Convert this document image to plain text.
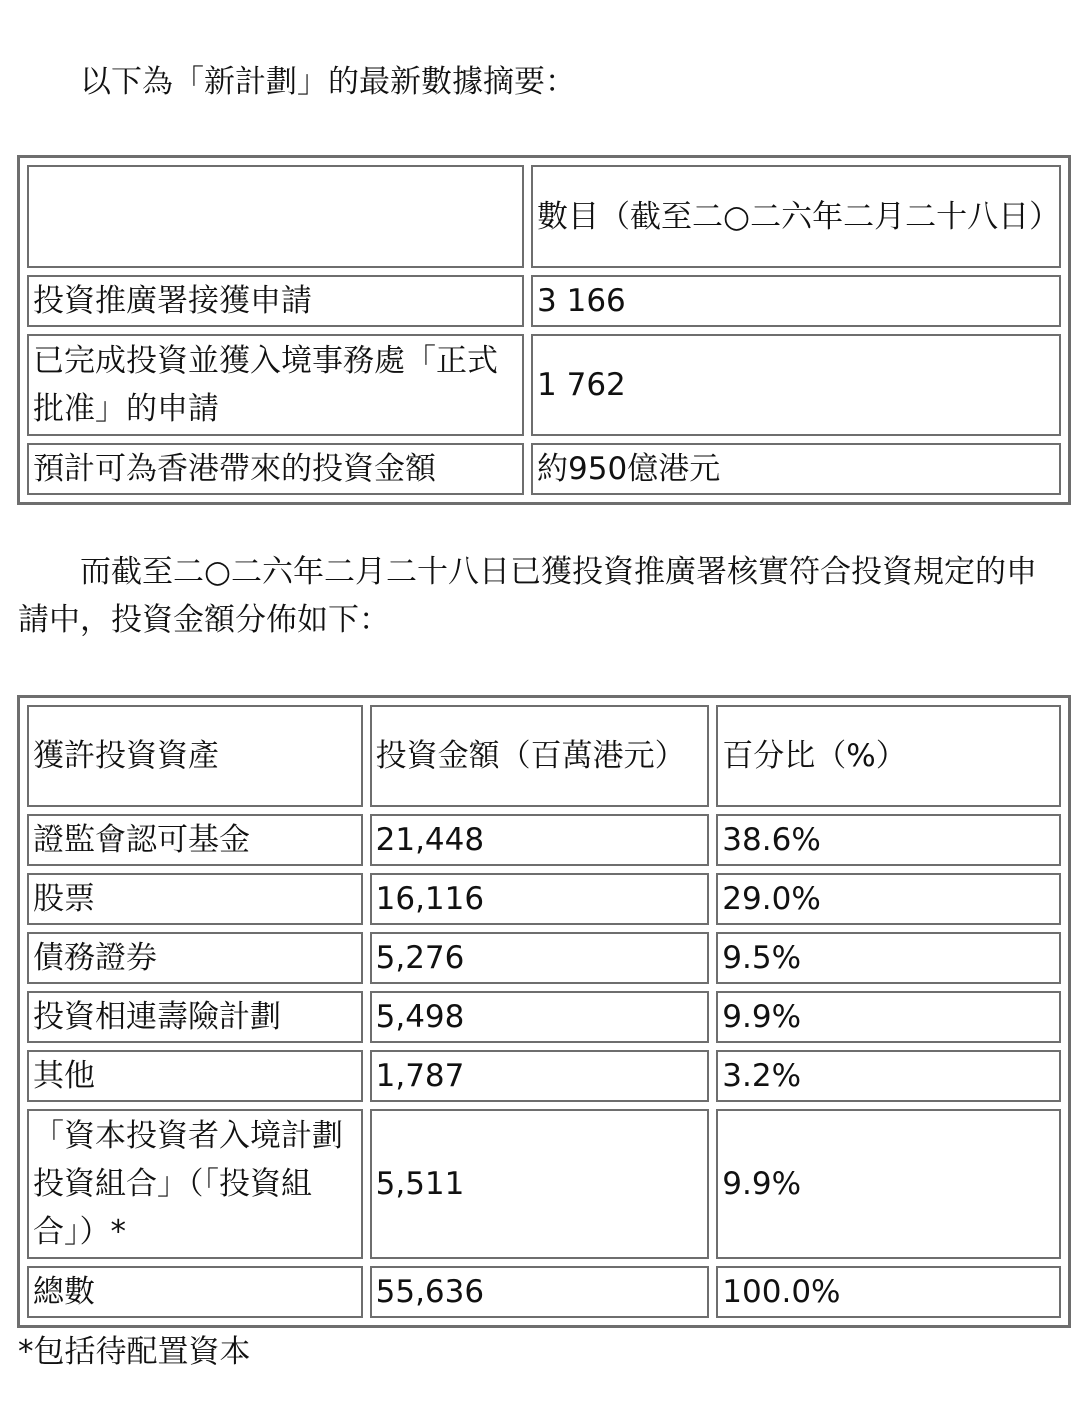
　　以下為「新計劃」的最新數據摘要：

	數目（截至二○二六年二月二十八日）
投資推廣署接獲申請	3 166
已完成投資並獲入境事務處「正式批准」的申請	1 762
預計可為香港帶來的投資金額	約950億港元

　　而截至二○二六年二月二十八日已獲投資推廣署核實符合投資規定的申請中，投資金額分佈如下：

獲許投資資產	投資金額（百萬港元）	百分比（%）
證監會認可基金	21,448	38.6%
股票	16,116	29.0%
債務證券	5,276	9.5%
投資相連壽險計劃	5,498	9.9%
其他	1,787	3.2%
「資本投資者入境計劃投資組合」（「投資組合」）*	5,511	9.9%
總數	55,636	100.0%

*包括待配置資本
